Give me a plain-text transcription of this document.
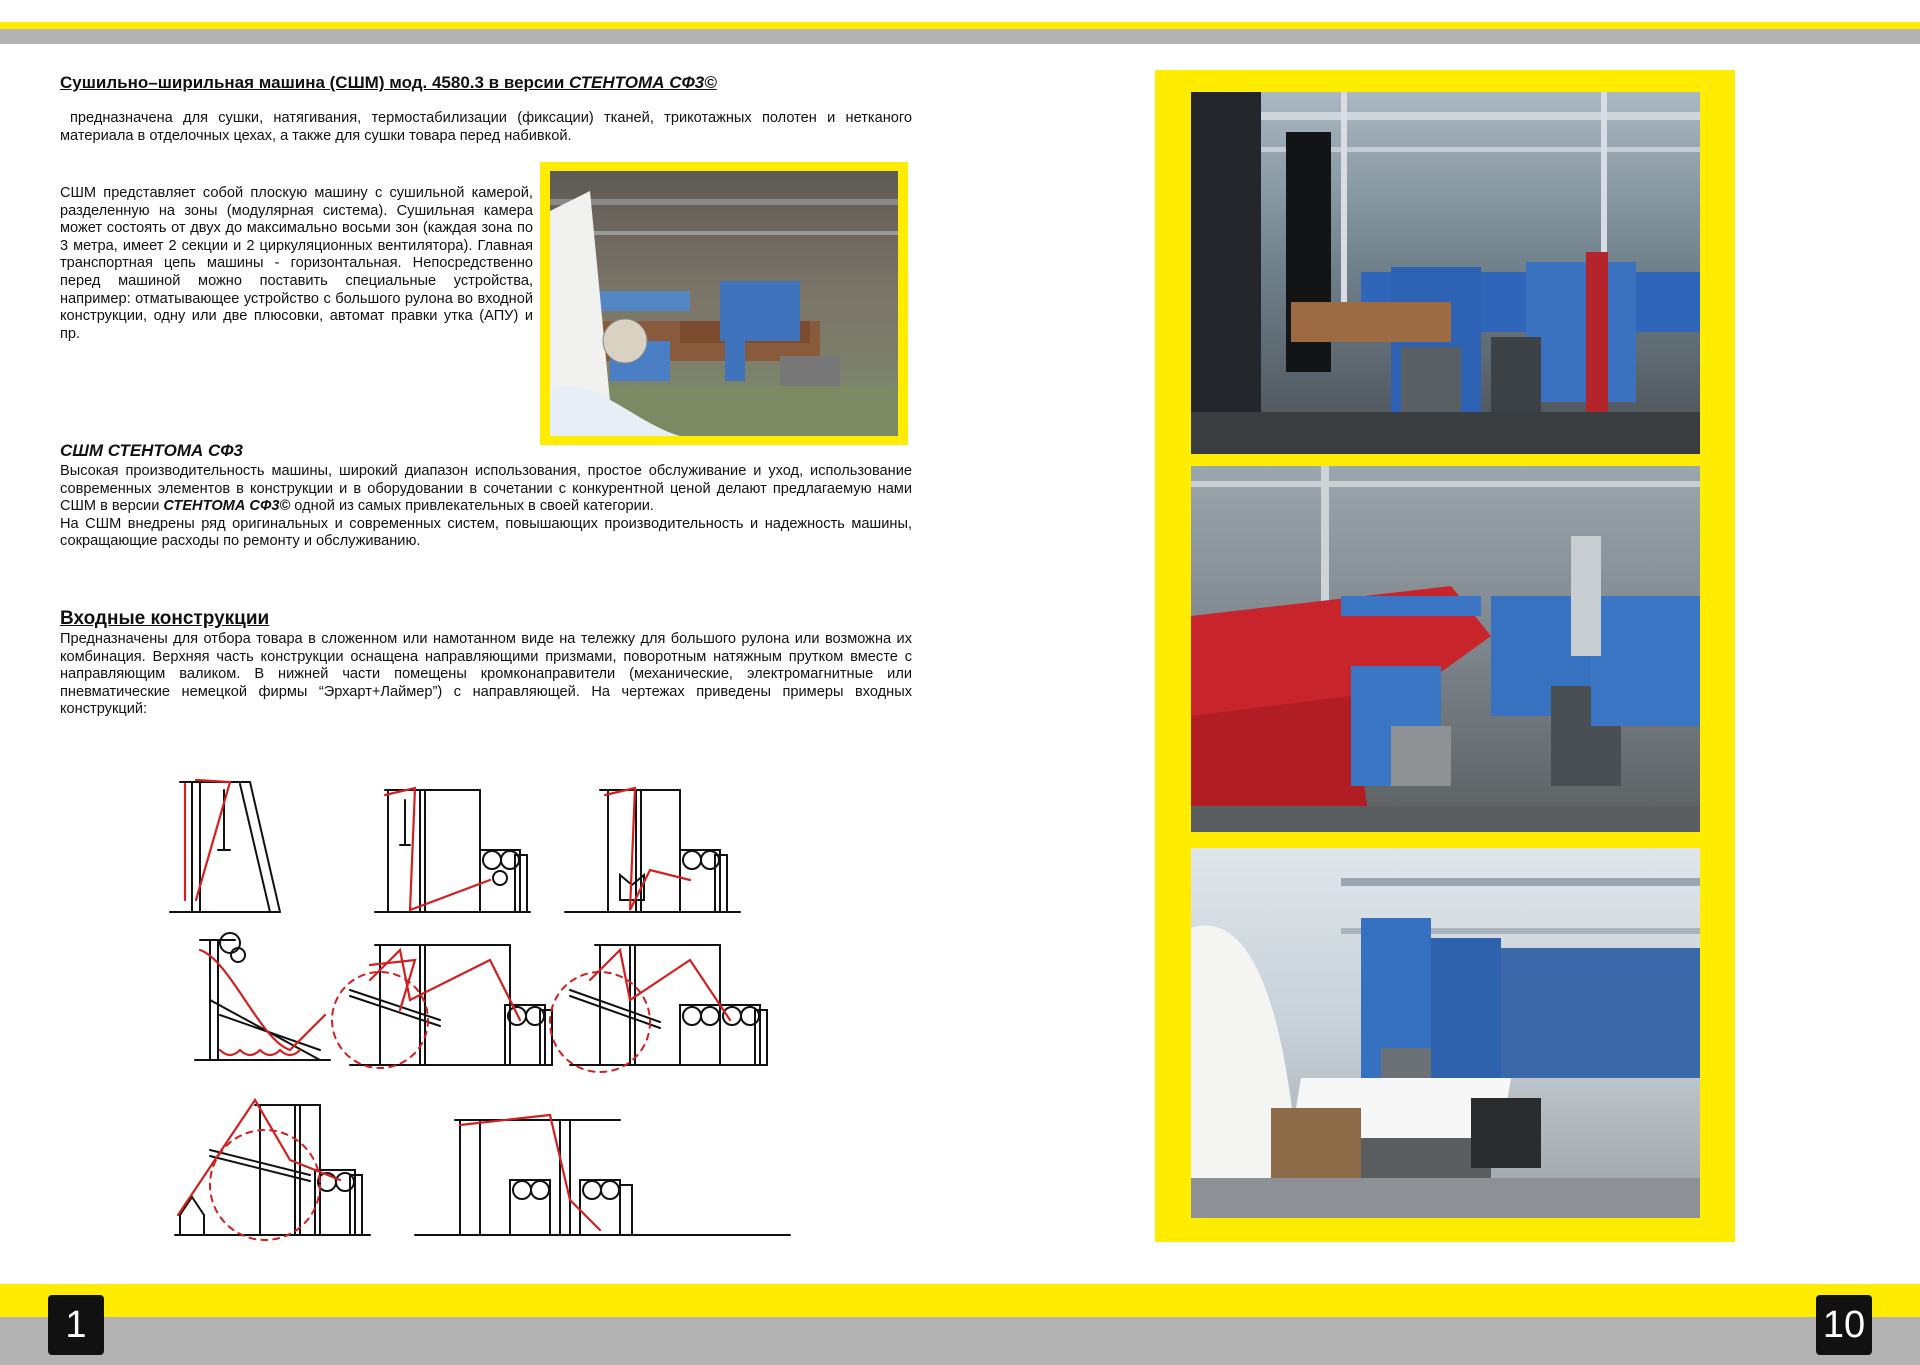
Сушильно–ширильная машина (СШМ) мод. 4580.3 в версии СТЕНТОМА СФ3©

предназначена для сушки, натягивания, термостабилизации (фиксации) тканей, трикотажных полотен и нетканого материала в отделочных цехах, а также для сушки товара перед набивкой.

СШМ представляет собой плоскую машину с сушильной камерой, разделенную на зоны (модулярная система). Сушильная камера может состоять от двух до максимально восьми зон (каждая зона по 3 метра, имеет 2 секции и 2 циркуляционных вентилятора). Главная транспортная цепь машины - горизонтальная. Непосредственно перед машиной можно поставить специальные устройства, например: отматывающее устройство с большого рулона во входной конструкции, одну или две плюсовки, автомат правки утка (АПУ) и пр.

СШМ СТЕНТОМА СФ3

Высокая производительность машины, широкий диапазон использования, простое обслуживание и уход, использование современных элементов в конструкции и в оборудовании в сочетании с конкурентной ценой делают предлагаемую нами СШМ в версии СТЕНТОМА СФ3© одной из самых привлекательных в своей категории.

На СШМ внедрены ряд оригинальных и современных систем, повышающих производительность и надежность машины, сокращающие расходы по ремонту и обслуживанию.

Входные конструкции

Предназначены для отбора товара в сложенном или намотанном виде на тележку для большого рулона или возможна их комбинация. Верхняя часть конструкции оснащена направляющими призмами, поворотным натяжным прутком вместе с направляющим валиком. В нижней части помещены кромконаправители (механические, электромагнитные или пневматические немецкой фирмы “Эрхарт+Лаймер”) с направляющей. На чертежах приведены примеры входных конструкций:

1	10
